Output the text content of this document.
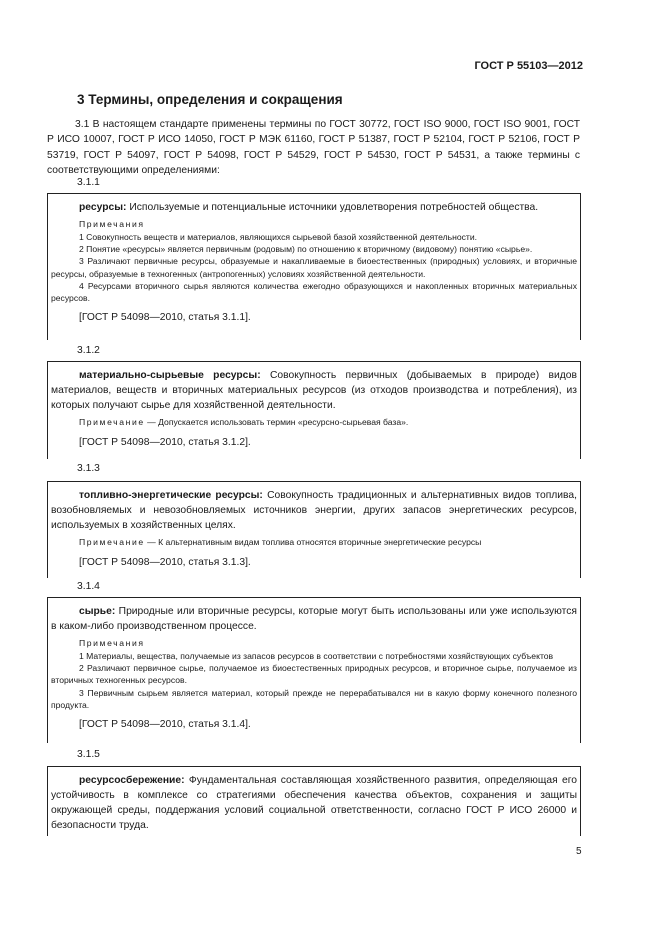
ГОСТ Р 55103—2012
3 Термины, определения и сокращения

3.1 В настоящем стандарте применены термины по ГОСТ 30772, ГОСТ ISO 9000, ГОСТ ISO 9001, ГОСТ Р ИСО 10007, ГОСТ Р ИСО 14050, ГОСТ Р МЭК 61160, ГОСТ Р 51387, ГОСТ Р 52104, ГОСТ Р 52106, ГОСТ Р 53719, ГОСТ Р 54097, ГОСТ Р 54098, ГОСТ Р 54529, ГОСТ Р 54530, ГОСТ Р 54531, а также термины с соответствующими определениями:

3.1.1

ресурсы: Используемые и потенциальные источники удовлетворения потребностей общества.

Примечания

1 Совокупность веществ и материалов, являющихся сырьевой базой хозяйственной деятельности.

2 Понятие «ресурсы» является первичным (родовым) по отношению к вторичному (видовому) понятию «сырье».

3 Различают первичные ресурсы, образуемые и накапливаемые в биоестественных (природных) условиях, и вторичные ресурсы, образуемые в техногенных (антропогенных) условиях хозяйственной деятельности.

4 Ресурсами вторичного сырья являются количества ежегодно образующихся и накопленных вторичных материальных ресурсов.

[ГОСТ Р 54098—2010, статья 3.1.1].

3.1.2

материально-сырьевые ресурсы: Совокупность первичных (добываемых в природе) видов материалов, веществ и вторичных материальных ресурсов (из отходов производства и потребления), из которых получают сырье для хозяйственной деятельности.

Примечание — Допускается использовать термин «ресурсно-сырьевая база».

[ГОСТ Р 54098—2010, статья 3.1.2].

3.1.3

топливно-энергетические ресурсы: Совокупность традиционных и альтернативных видов топлива, возобновляемых и невозобновляемых источников энергии, других запасов энергетических ресурсов, используемых в хозяйственных целях.

Примечание — К альтернативным видам топлива относятся вторичные энергетические ресурсы

[ГОСТ Р 54098—2010, статья 3.1.3].

3.1.4

сырье: Природные или вторичные ресурсы, которые могут быть использованы или уже используются в каком-либо производственном процессе.

Примечания

1 Материалы, вещества, получаемые из запасов ресурсов в соответствии с потребностями хозяйствующих субъектов

2 Различают первичное сырье, получаемое из биоестественных природных ресурсов, и вторичное сырье, получаемое из вторичных техногенных ресурсов.

3 Первичным сырьем является материал, который прежде не перерабатывался ни в какую форму конечного полезного продукта.

[ГОСТ Р 54098—2010, статья 3.1.4].

3.1.5

ресурсосбережение: Фундаментальная составляющая хозяйственного развития, определяющая его устойчивость в комплексе со стратегиями обеспечения качества объектов, сохранения и защиты окружающей среды, поддержания условий социальной ответственности, согласно ГОСТ Р ИСО 26000 и безопасности труда.

5
